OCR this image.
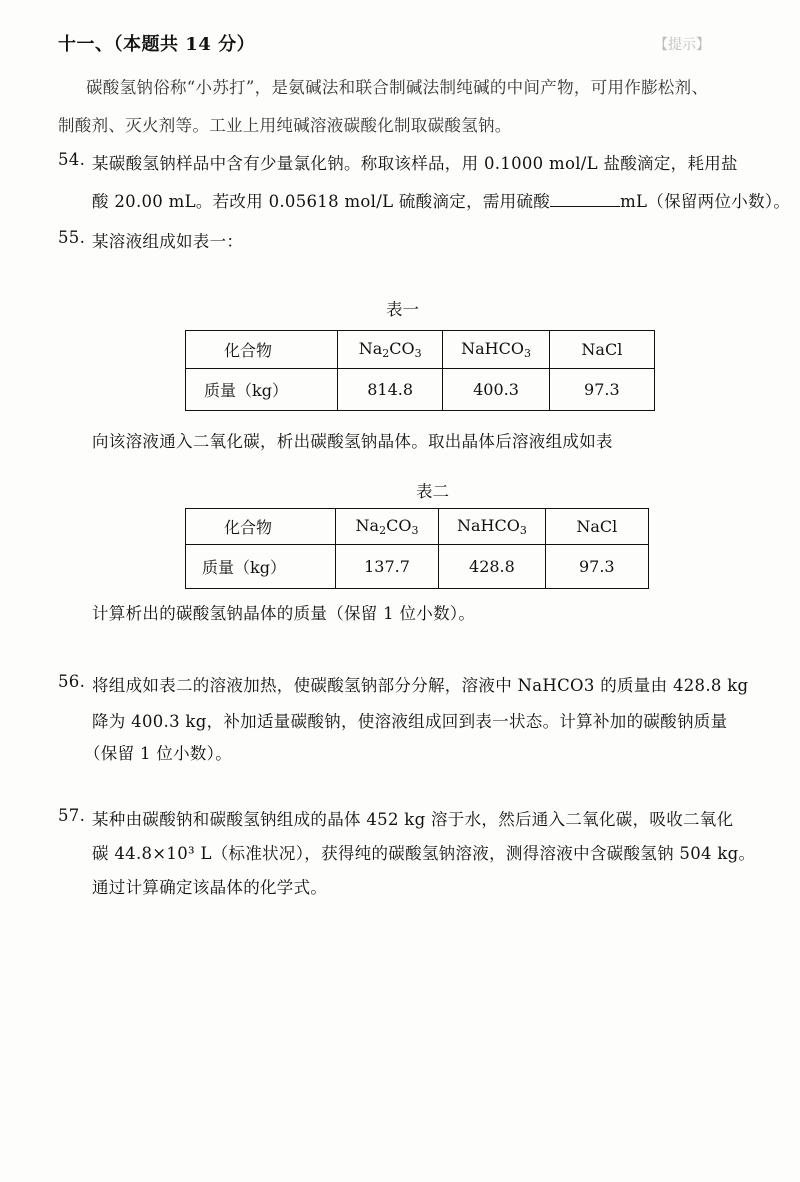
十一、（本题共 14 分）	【提示】
碳酸氢钠俗称“小苏打”，是氨碱法和联合制碱法制纯碱的中间产物，可用作膨松剂、
制酸剂、灭火剂等。工业上用纯碱溶液碳酸化制取碳酸氢钠。
54. 某碳酸氢钠样品中含有少量氯化钠。称取该样品，用 0.1000 mol/L 盐酸滴定，耗用盐
酸 20.00 mL。若改用 0.05618 mol/L 硫酸滴定，需用硫酸	mL（保留两位小数）。
55. 某溶液组成如表一：
表一
化合物	$Na_2CO_3$	NaHCO$_3$	NaCl
质量（kg）	814.8	400.3	97.3
向该溶液通入二氧化碳，析出碳酸氢钠晶体。取出晶体后溶液组成如表
表二
化合物	$Na_2CO_3$	NaHCO$_3$	NaCl
质量（kg）	137.7	428.8	97.3
计算析出的碳酸氢钠晶体的质量（保留 1 位小数）。
56. 将组成如表二的溶液加热，使碳酸氢钠部分分解，溶液中 NaHCO3 的质量由 428.8 kg
降为 400.3 kg，补加适量碳酸钠，使溶液组成回到表一状态。计算补加的碳酸钠质量
（保留 1 位小数）。
57. 某种由碳酸钠和碳酸氢钠组成的晶体 452 kg 溶于水，然后通入二氧化碳，吸收二氧化
碳 44.8×10³ L（标准状况），获得纯的碳酸氢钠溶液，测得溶液中含碳酸氢钠 504 kg。
通过计算确定该晶体的化学式。
